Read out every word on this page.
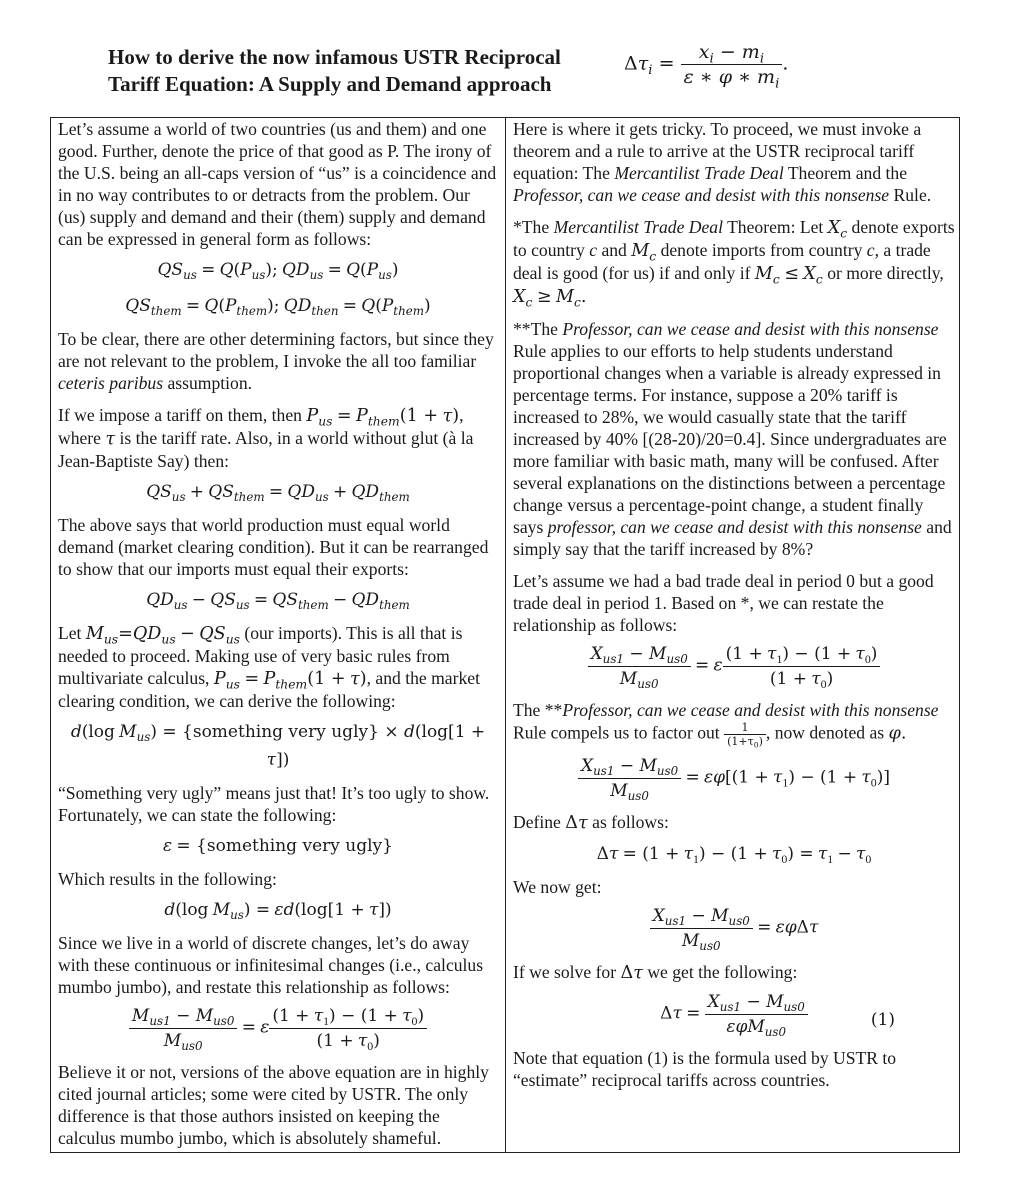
How to derive the now infamous USTR Reciprocal Tariff Equation: A Supply and Demand approach
$\Delta\tau_i = \frac{x_i - m_i}{\varepsilon ∗ \varphi ∗ m_i}$ .

Let’s assume a world of two countries (us and them) and one good. Further, denote the price of that good as P. The irony of the U.S. being an all-caps version of “us” is a coincidence and in no way contributes to or detracts from the problem. Our (us) supply and demand and their (them) supply and demand can be expressed in general form as follows:

$QS_{us} = Q(P_{us})$; $QD_{us} = Q(P_{us})$
$QS_{them} = Q(P_{them})$; $QD_{then} = Q(P_{them})$

To be clear, there are other determining factors, but since they are not relevant to the problem, I invoke the all too familiar ceteris paribus assumption.

If we impose a tariff on them, then $P_{us} = P_{them}(1 + \tau)$, where τ is the tariff rate. Also, in a world without glut (à la Jean-Baptiste Say) then:

$QS_{us} + QS_{them} = QD_{us} + QD_{them}$

The above says that world production must equal world demand (market clearing condition). But it can be rearranged to show that our imports must equal their exports:

$QD_{us} - QS_{us} = QS_{them} - QD_{them}$

Let $M_{us}=QD_{us} - QS_{us}$ (our imports). This is all that is needed to proceed. Making use of very basic rules from multivariate calculus, $P_{us} = P_{them}(1 + \tau)$, and the market clearing condition, we can derive the following:

d(log $M_{us}$) = {something very ugly} × d(log[1 + τ])

“Something very ugly” means just that! It’s too ugly to show. Fortunately, we can state the following:

ε = {something very ugly}

Which results in the following:

d(log $M_{us}) = \varepsilon d(\log[1 + \tau])$

Since we live in a world of discrete changes, let’s do away with these continuous or infinitesimal changes (i.e., calculus mumbo jumbo), and restate this relationship as follows:

$\frac{M_{us1} - M_{us0}}{M_{us0}} = \varepsilon \frac{(1 + \tau_1) - (1 + \tau_0)}{(1 + \tau_0)}$

Believe it or not, versions of the above equation are in highly cited journal articles; some were cited by USTR. The only difference is that those authors insisted on keeping the calculus mumbo jumbo, which is absolutely shameful.

Here is where it gets tricky. To proceed, we must invoke a theorem and a rule to arrive at the USTR reciprocal tariff equation: The Mercantilist Trade Deal Theorem and the Professor, can we cease and desist with this nonsense Rule.

*The Mercantilist Trade Deal Theorem: Let $X_c$ denote exports to country c and $M_c$ denote imports from country c, a trade deal is good (for us) if and only if $M_c \le X_c$ or more directly, $X_c \ge M_c$.

**The Professor, can we cease and desist with this nonsense Rule applies to our efforts to help students understand proportional changes when a variable is already expressed in percentage terms. For instance, suppose a 20% tariff is increased to 28%, we would casually state that the tariff increased by 40% [(28-20)/20=0.4]. Since undergraduates are more familiar with basic math, many will be confused. After several explanations on the distinctions between a percentage change versus a percentage-point change, a student finally says professor, can we cease and desist with this nonsense and simply say that the tariff increased by 8%?

Let’s assume we had a bad trade deal in period 0 but a good trade deal in period 1. Based on *, we can restate the relationship as follows:

$\frac{X_{us1} - M_{us0}}{M_{us0}} = \varepsilon \frac{(1 + \tau_1) - (1 + \tau_0)}{(1 + \tau_0)}$

The **Professor, can we cease and desist with this nonsense Rule compels us to factor out $\frac{1}{(1+\tau_0)}$ , now denoted as φ.

$\frac{X_{us1} - M_{us0}}{M_{us0}} = \varepsilon\varphi[(1 + \tau_1) - (1 + \tau_0)]$

Define Δτ as follows:

$\Delta\tau = (1 + \tau_1) - (1 + \tau_0) = \tau_1 - \tau_0$

We now get:

$\frac{X_{us1} - M_{us0}}{M_{us0}} = \varepsilon\varphi\Delta\tau$

If we solve for Δτ we get the following:

$\Delta\tau = \frac{X_{us1} - M_{us0}}{\varepsilon\varphi M_{us0}}$	(1)

Note that equation (1) is the formula used by USTR to “estimate” reciprocal tariffs across countries.
